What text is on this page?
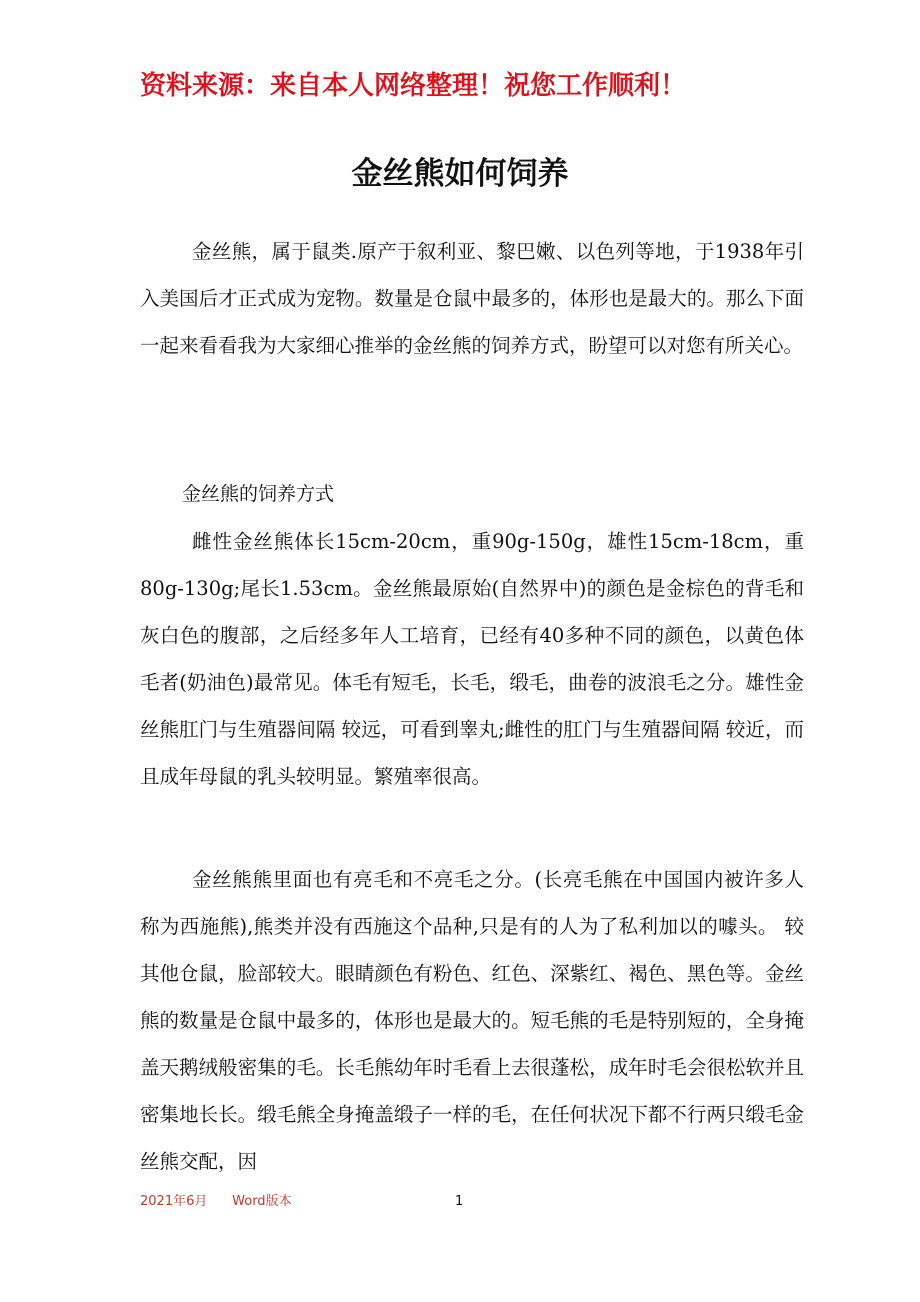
资料来源：来自本人网络整理！祝您工作顺利！
金丝熊如何饲养

金丝熊，属于鼠类.原产于叙利亚、黎巴嫩、以色列等地，于1938年引入美国后才正式成为宠物。数量是仓鼠中最多的，体形也是最大的。那么下面一起来看看我为大家细心推举的金丝熊的饲养方式，盼望可以对您有所关心。

金丝熊的饲养方式

雌性金丝熊体长15cm-20cm，重90g-150g，雄性15cm-18cm，重80g-130g;尾长1.53cm。金丝熊最原始(自然界中)的颜色是金棕色的背毛和灰白色的腹部，之后经多年人工培育，已经有40多种不同的颜色，以黄色体毛者(奶油色)最常见。体毛有短毛，长毛，缎毛，曲卷的波浪毛之分。雄性金丝熊肛门与生殖器间隔 较远，可看到睾丸;雌性的肛门与生殖器间隔 较近，而且成年母鼠的乳头较明显。繁殖率很高。

金丝熊熊里面也有亮毛和不亮毛之分。(长亮毛熊在中国国内被许多人称为西施熊),熊类并没有西施这个品种,只是有的人为了私利加以的噱头。 较其他仓鼠，脸部较大。眼睛颜色有粉色、红色、深紫红、褐色、黑色等。金丝熊的数量是仓鼠中最多的，体形也是最大的。短毛熊的毛是特别短的，全身掩盖天鹅绒般密集的毛。长毛熊幼年时毛看上去很蓬松，成年时毛会很松软并且密集地长长。缎毛熊全身掩盖缎子一样的毛，在任何状况下都不行两只缎毛金丝熊交配，因

2021年6月      Word版本	1
